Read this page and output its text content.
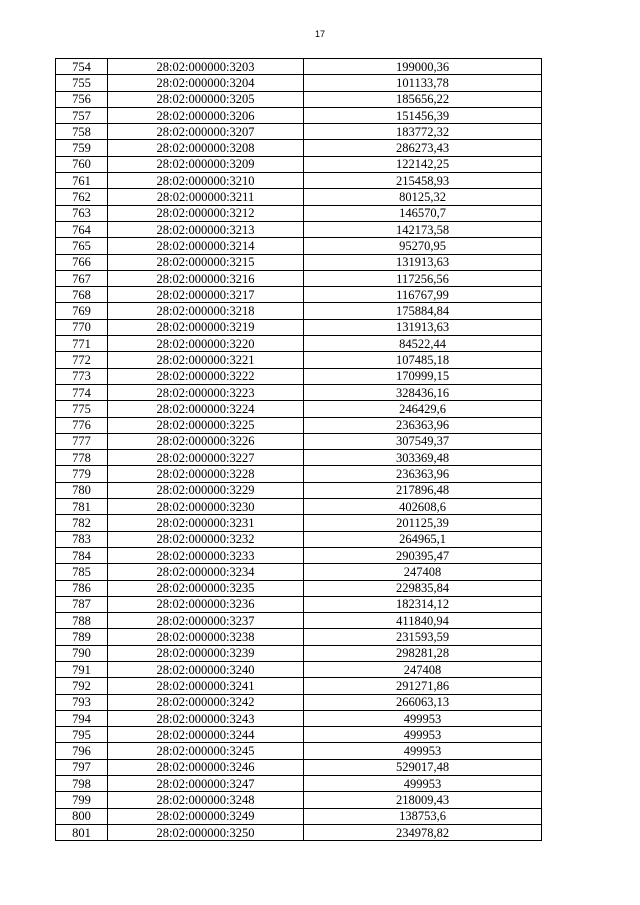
17
754	28:02:000000:3203	199000,36
755	28:02:000000:3204	101133,78
756	28:02:000000:3205	185656,22
757	28:02:000000:3206	151456,39
758	28:02:000000:3207	183772,32
759	28:02:000000:3208	286273,43
760	28:02:000000:3209	122142,25
761	28:02:000000:3210	215458,93
762	28:02:000000:3211	80125,32
763	28:02:000000:3212	146570,7
764	28:02:000000:3213	142173,58
765	28:02:000000:3214	95270,95
766	28:02:000000:3215	131913,63
767	28:02:000000:3216	117256,56
768	28:02:000000:3217	116767,99
769	28:02:000000:3218	175884,84
770	28:02:000000:3219	131913,63
771	28:02:000000:3220	84522,44
772	28:02:000000:3221	107485,18
773	28:02:000000:3222	170999,15
774	28:02:000000:3223	328436,16
775	28:02:000000:3224	246429,6
776	28:02:000000:3225	236363,96
777	28:02:000000:3226	307549,37
778	28:02:000000:3227	303369,48
779	28:02:000000:3228	236363,96
780	28:02:000000:3229	217896,48
781	28:02:000000:3230	402608,6
782	28:02:000000:3231	201125,39
783	28:02:000000:3232	264965,1
784	28:02:000000:3233	290395,47
785	28:02:000000:3234	247408
786	28:02:000000:3235	229835,84
787	28:02:000000:3236	182314,12
788	28:02:000000:3237	411840,94
789	28:02:000000:3238	231593,59
790	28:02:000000:3239	298281,28
791	28:02:000000:3240	247408
792	28:02:000000:3241	291271,86
793	28:02:000000:3242	266063,13
794	28:02:000000:3243	499953
795	28:02:000000:3244	499953
796	28:02:000000:3245	499953
797	28:02:000000:3246	529017,48
798	28:02:000000:3247	499953
799	28:02:000000:3248	218009,43
800	28:02:000000:3249	138753,6
801	28:02:000000:3250	234978,82
